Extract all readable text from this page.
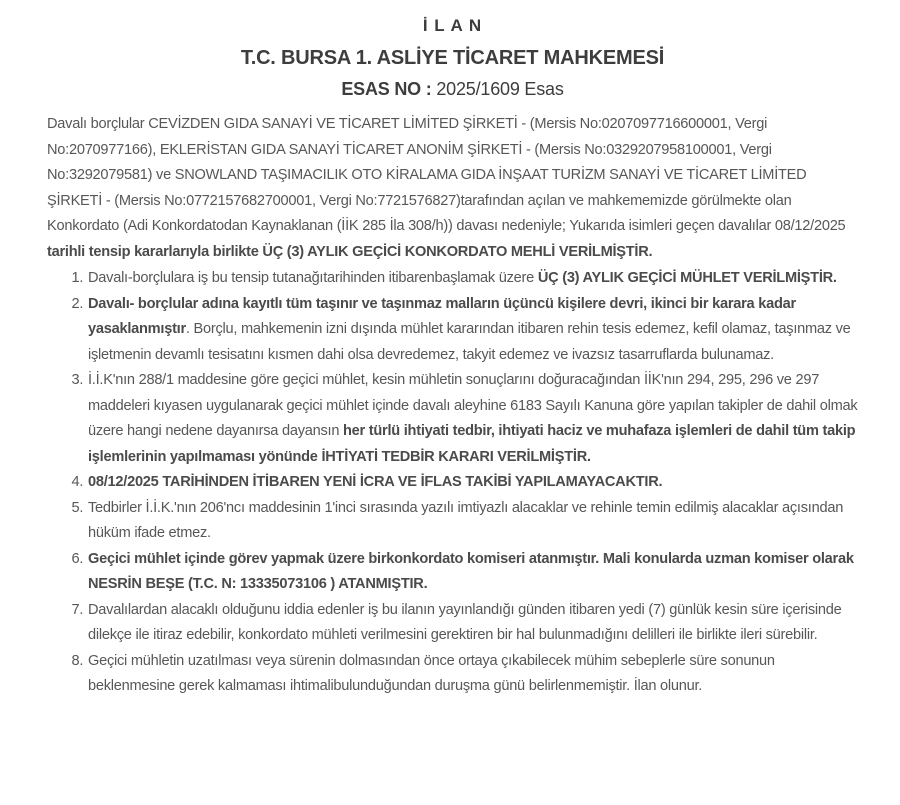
İ L A N
T.C. BURSA 1. ASLİYE TİCARET MAHKEMESİ
ESAS NO : 2025/1609 Esas

Davalı borçlular CEVİZDEN GIDA SANAYİ VE TİCARET LİMİTED ŞİRKETİ - (Mersis No:0207097716600001, Vergi No:2070977166), EKLERİSTAN GIDA SANAYİ TİCARET ANONİM ŞİRKETİ - (Mersis No:0329207958100001, Vergi No:3292079581) ve SNOWLAND TAŞIMACILIK OTO KİRALAMA GIDA İNŞAAT TURİZM SANAYİ VE TİCARET LİMİTED ŞİRKETİ - (Mersis No:0772157682700001, Vergi No:7721576827)tarafından açılan ve mahkememizde görülmekte olan Konkordato (Adi Konkordatodan Kaynaklanan (İİK 285 İla 308/h)) davası nedeniyle; Yukarıda isimleri geçen davalılar 08/12/2025 tarihli tensip kararlarıyla birlikte ÜÇ (3) AYLIK GEÇİCİ KONKORDATO MEHLİ VERİLMİŞTİR.

1. Davalı-borçlulara iş bu tensip tutanağıtarihinden itibarenbaşlamak üzere ÜÇ (3) AYLIK GEÇİCİ MÜHLET VERİLMİŞTİR.
2. Davalı- borçlular adına kayıtlı tüm taşınır ve taşınmaz malların üçüncü kişilere devri, ikinci bir karara kadar yasaklanmıştır. Borçlu, mahkemenin izni dışında mühlet kararından itibaren rehin tesis edemez, kefil olamaz, taşınmaz ve işletmenin devamlı tesisatını kısmen dahi olsa devredemez, takyit edemez ve ivazsız tasarruflarda bulunamaz.
3. İ.İ.K'nın 288/1 maddesine göre geçici mühlet, kesin mühletin sonuçlarını doğuracağından İİK'nın 294, 295, 296 ve 297 maddeleri kıyasen uygulanarak geçici mühlet içinde davalı aleyhine 6183 Sayılı Kanuna göre yapılan takipler de dahil olmak üzere hangi nedene dayanırsa dayansın her türlü ihtiyati tedbir, ihtiyati haciz ve muhafaza işlemleri de dahil tüm takip işlemlerinin yapılmaması yönünde İHTİYATİ TEDBİR KARARI VERİLMİŞTİR.
4. 08/12/2025 TARİHİNDEN İTİBAREN YENİ İCRA VE İFLAS TAKİBİ YAPILAMAYACAKTIR.
5. Tedbirler İ.İ.K.'nın 206'ncı maddesinin 1'inci sırasında yazılı imtiyazlı alacaklar ve rehinle temin edilmiş alacaklar açısından hüküm ifade etmez.
6. Geçici mühlet içinde görev yapmak üzere birkonkordato komiseri atanmıştır. Mali konularda uzman komiser olarak NESRİN BEŞE (T.C. N: 13335073106 ) ATANMIŞTIR.
7. Davalılardan alacaklı olduğunu iddia edenler iş bu ilanın yayınlandığı günden itibaren yedi (7) günlük kesin süre içerisinde dilekçe ile itiraz edebilir, konkordato mühleti verilmesini gerektiren bir hal bulunmadığını delilleri ile birlikte ileri sürebilir.
8. Geçici mühletin uzatılması veya sürenin dolmasından önce ortaya çıkabilecek mühim sebeplerle süre sonunun beklenmesine gerek kalmaması ihtimalibulunduğundan duruşma günü belirlenmemiştir. İlan olunur.
